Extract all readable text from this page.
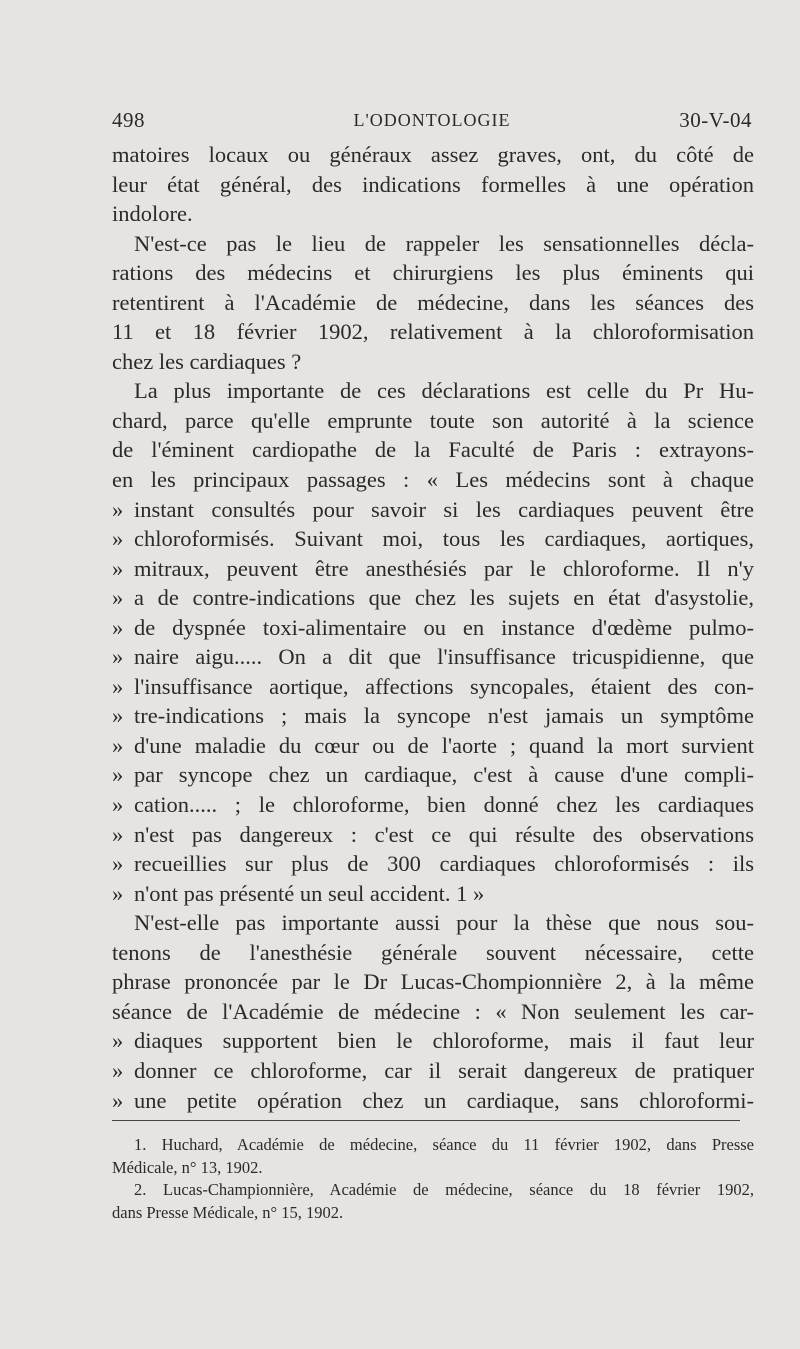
498	L'ODONTOLOGIE	30-V-04
matoires locaux ou généraux assez graves, ont, du côté de
leur état général, des indications formelles à une opération
indolore.
N'est-ce pas le lieu de rappeler les sensationnelles décla-
rations des médecins et chirurgiens les plus éminents qui
retentirent à l'Académie de médecine, dans les séances des
11 et 18 février 1902, relativement à la chloroformisation
chez les cardiaques ?
La plus importante de ces déclarations est celle du Pr Hu-
chard, parce qu'elle emprunte toute son autorité à la science
de l'éminent cardiopathe de la Faculté de Paris : extrayons-
en les principaux passages : « Les médecins sont à chaque
» instant consultés pour savoir si les cardiaques peuvent être
» chloroformisés. Suivant moi, tous les cardiaques, aortiques,
» mitraux, peuvent être anesthésiés par le chloroforme. Il n'y
» a de contre-indications que chez les sujets en état d'asystolie,
» de dyspnée toxi-alimentaire ou en instance d'œdème pulmo-
» naire aigu..... On a dit que l'insuffisance tricuspidienne, que
» l'insuffisance aortique, affections syncopales, étaient des con-
» tre-indications ; mais la syncope n'est jamais un symptôme
» d'une maladie du cœur ou de l'aorte ; quand la mort survient
» par syncope chez un cardiaque, c'est à cause d'une compli-
» cation..... ; le chloroforme, bien donné chez les cardiaques
» n'est pas dangereux : c'est ce qui résulte des observations
» recueillies sur plus de 300 cardiaques chloroformisés : ils
» n'ont pas présenté un seul accident. 1 »
N'est-elle pas importante aussi pour la thèse que nous sou-
tenons de l'anesthésie générale souvent nécessaire, cette
phrase prononcée par le Dr Lucas-Chompionnière 2, à la même
séance de l'Académie de médecine : « Non seulement les car-
» diaques supportent bien le chloroforme, mais il faut leur
» donner ce chloroforme, car il serait dangereux de pratiquer
» une petite opération chez un cardiaque, sans chloroformi-
1. Huchard, Académie de médecine, séance du 11 février 1902, dans Presse
Médicale, n° 13, 1902.
2. Lucas-Championnière, Académie de médecine, séance du 18 février 1902,
dans Presse Médicale, n° 15, 1902.
